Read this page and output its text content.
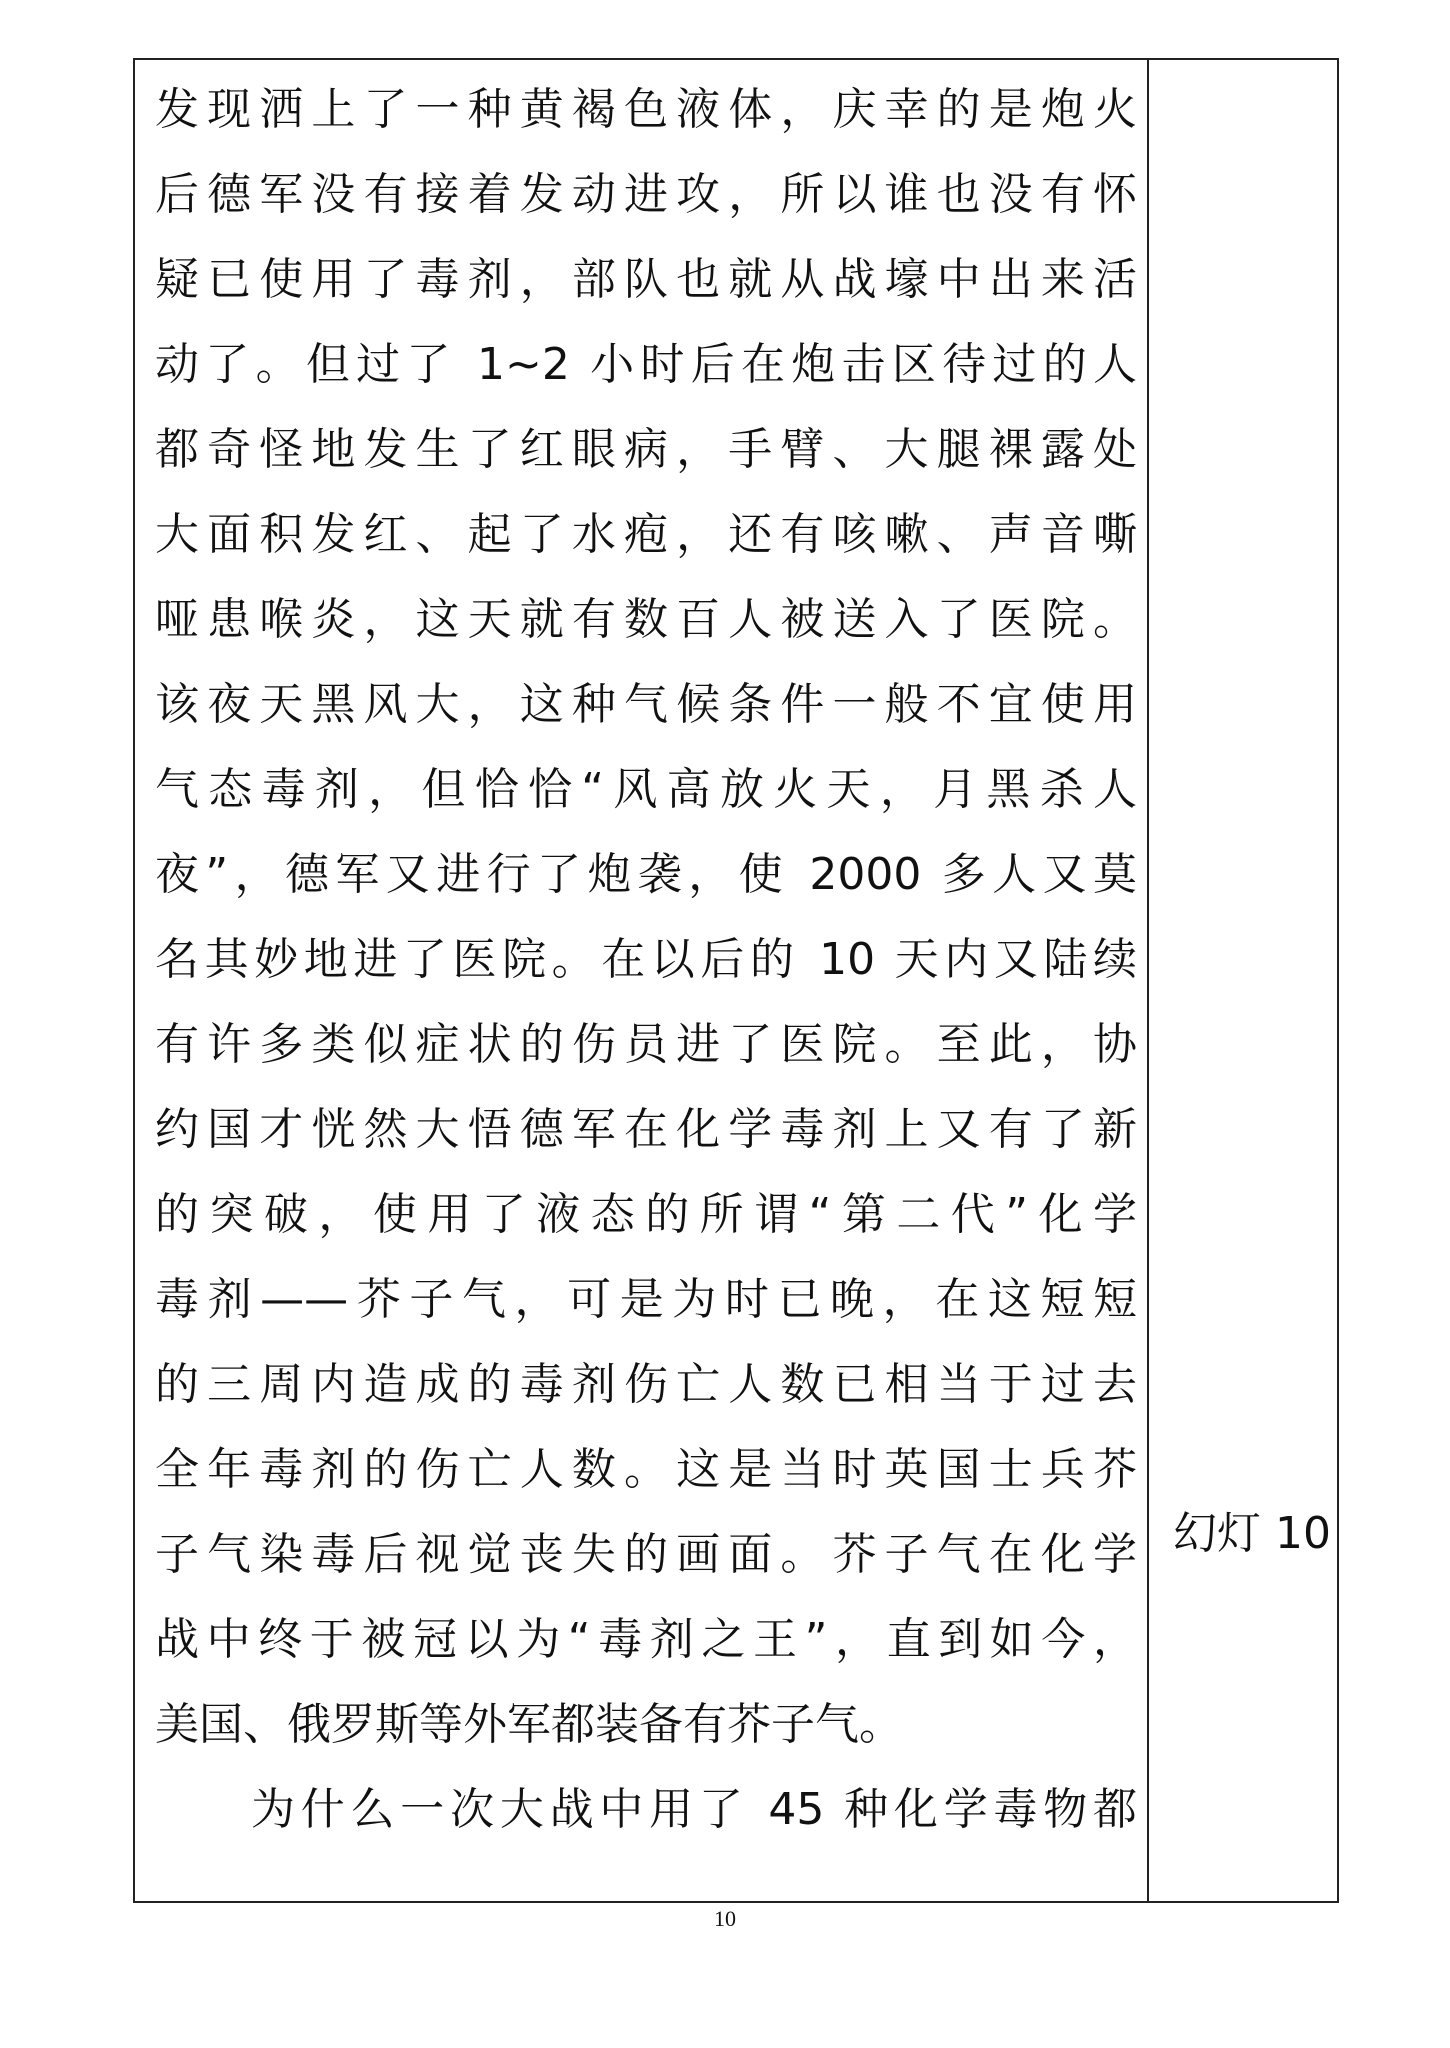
发现洒上了一种黄褐色液体，庆幸的是炮火
后德军没有接着发动进攻，所以谁也没有怀
疑已使用了毒剂，部队也就从战壕中出来活
动了。但过了 1~2 小时后在炮击区待过的人
都奇怪地发生了红眼病，手臂、大腿裸露处
大面积发红、起了水疱，还有咳嗽、声音嘶
哑患喉炎，这天就有数百人被送入了医院。
该夜天黑风大，这种气候条件一般不宜使用
气态毒剂，但恰恰“风高放火天，月黑杀人
夜”，德军又进行了炮袭，使 2000 多人又莫
名其妙地进了医院。在以后的 10 天内又陆续
有许多类似症状的伤员进了医院。至此，协
约国才恍然大悟德军在化学毒剂上又有了新
的突破，使用了液态的所谓“第二代”化学
毒剂——芥子气，可是为时已晚，在这短短
的三周内造成的毒剂伤亡人数已相当于过去
全年毒剂的伤亡人数。这是当时英国士兵芥
子气染毒后视觉丧失的画面。芥子气在化学
战中终于被冠以为“毒剂之王”，直到如今，
美国、俄罗斯等外军都装备有芥子气。
为什么一次大战中用了 45 种化学毒物都
幻灯 10
10
